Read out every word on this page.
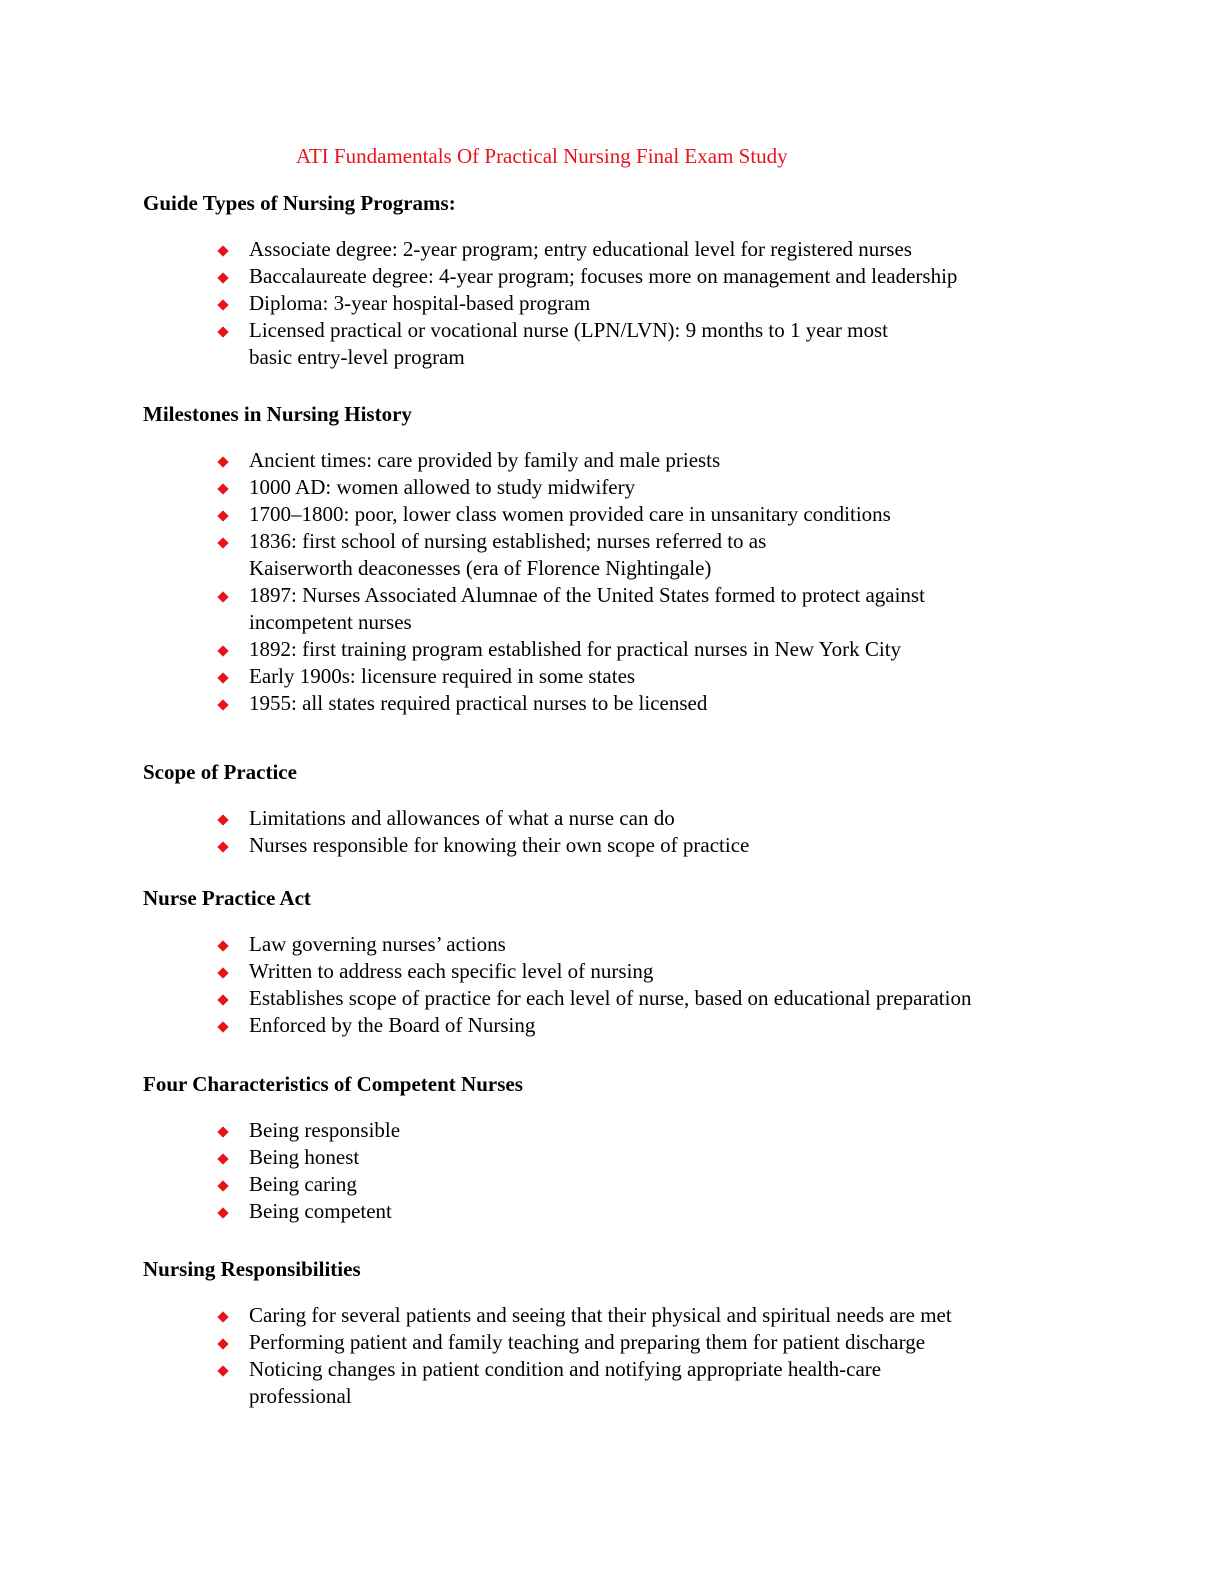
ATI Fundamentals Of Practical Nursing Final Exam Study
Guide Types of Nursing Programs:
Associate degree: 2-year program; entry educational level for registered nurses
Baccalaureate degree: 4-year program; focuses more on management and leadership
Diploma: 3-year hospital-based program
Licensed practical or vocational nurse (LPN/LVN): 9 months to 1 year most
basic entry-level program
Milestones in Nursing History
Ancient times: care provided by family and male priests
1000 AD: women allowed to study midwifery
1700–1800: poor, lower class women provided care in unsanitary conditions
1836: first school of nursing established; nurses referred to as
Kaiserworth deaconesses (era of Florence Nightingale)
1897: Nurses Associated Alumnae of the United States formed to protect against
incompetent nurses
1892: first training program established for practical nurses in New York City
Early 1900s: licensure required in some states
1955: all states required practical nurses to be licensed
Scope of Practice
Limitations and allowances of what a nurse can do
Nurses responsible for knowing their own scope of practice
Nurse Practice Act
Law governing nurses’ actions
Written to address each specific level of nursing
Establishes scope of practice for each level of nurse, based on educational preparation
Enforced by the Board of Nursing
Four Characteristics of Competent Nurses
Being responsible
Being honest
Being caring
Being competent
Nursing Responsibilities
Caring for several patients and seeing that their physical and spiritual needs are met
Performing patient and family teaching and preparing them for patient discharge
Noticing changes in patient condition and notifying appropriate health-care
professional
